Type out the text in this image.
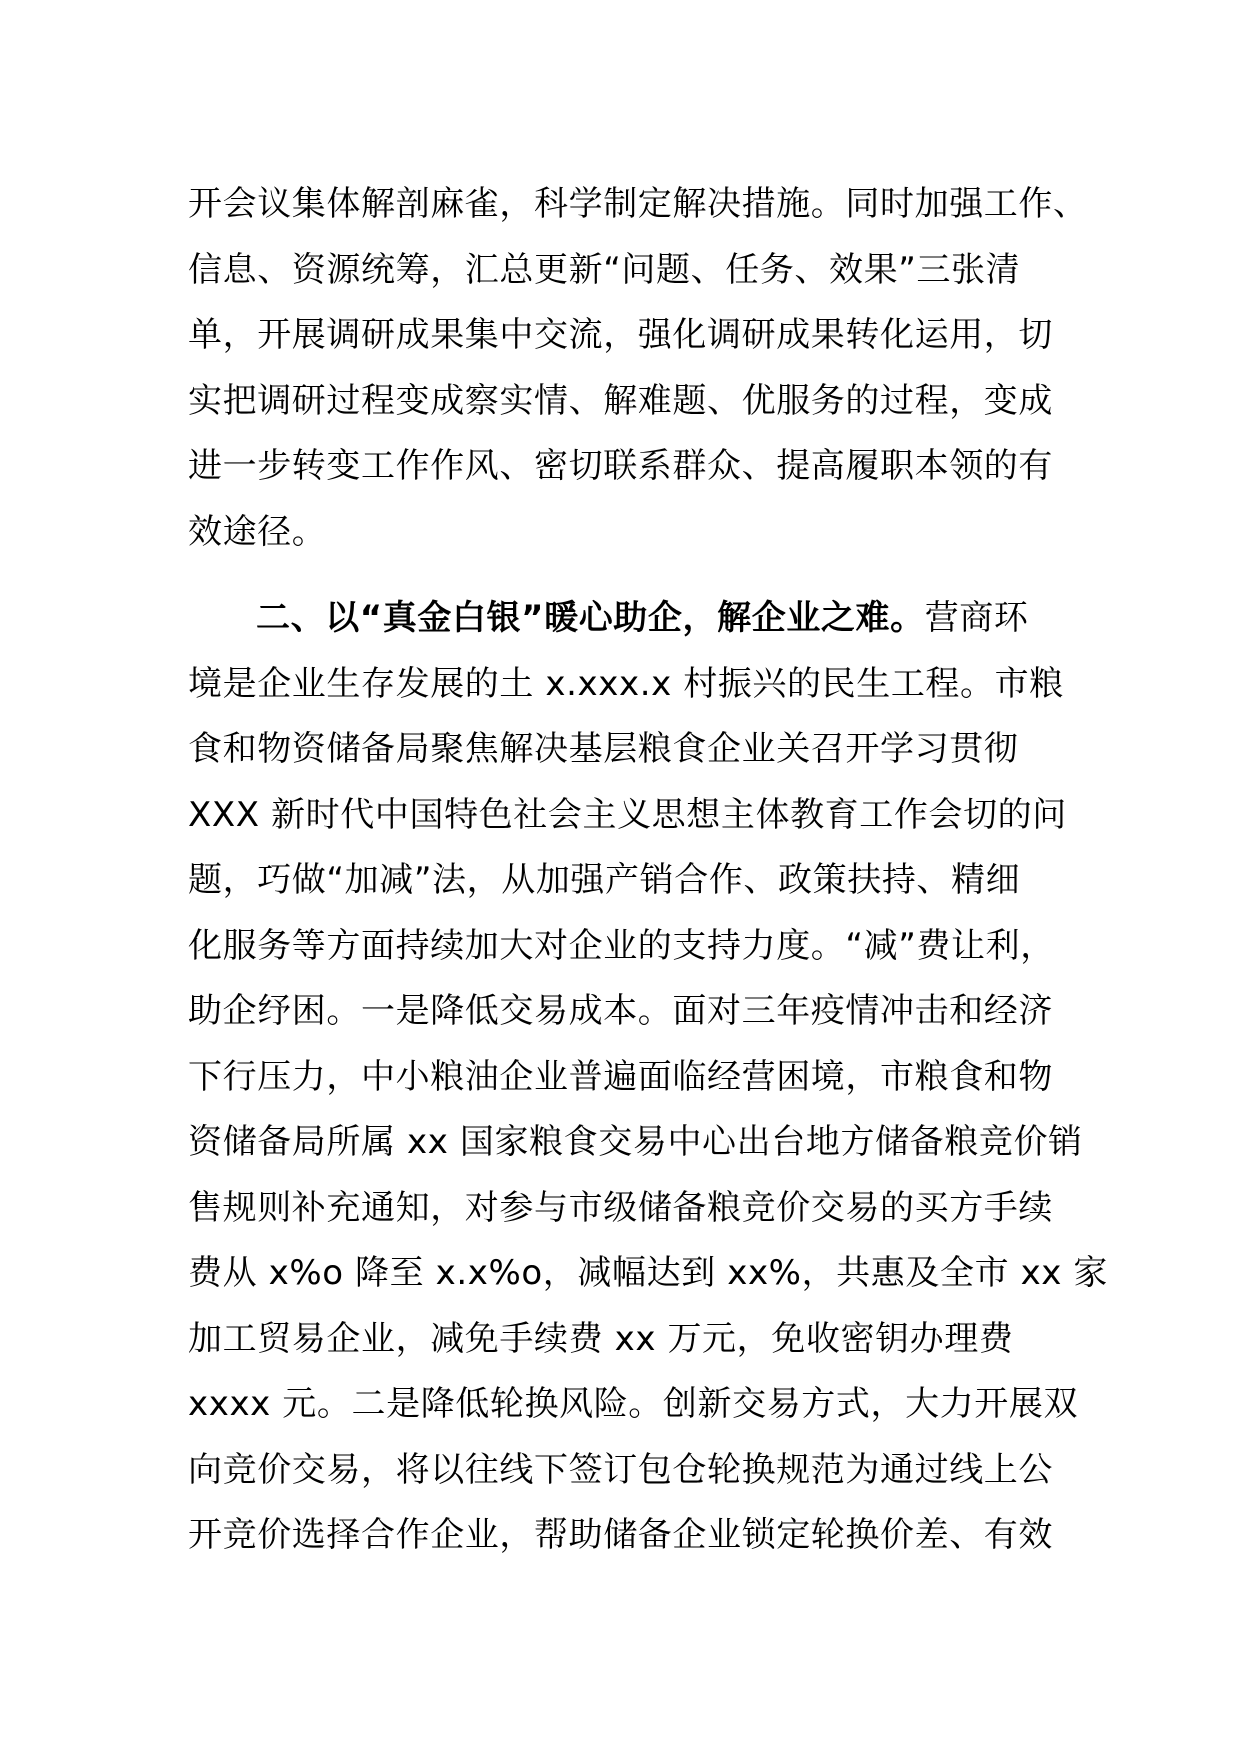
开会议集体解剖麻雀，科学制定解决措施。同时加强工作、
信息、资源统筹，汇总更新“问题、任务、效果”三张清
单，开展调研成果集中交流，强化调研成果转化运用，切
实把调研过程变成察实情、解难题、优服务的过程，变成
进一步转变工作作风、密切联系群众、提高履职本领的有
效途径。
二、以“真金白银”暖心助企，解企业之难。营商环
境是企业生存发展的土 x.xxx.x 村振兴的民生工程。市粮
食和物资储备局聚焦解决基层粮食企业关召开学习贯彻
XXX 新时代中国特色社会主义思想主体教育工作会切的问
题，巧做“加减”法，从加强产销合作、政策扶持、精细
化服务等方面持续加大对企业的支持力度。“减”费让利，
助企纾困。一是降低交易成本。面对三年疫情冲击和经济
下行压力，中小粮油企业普遍面临经营困境，市粮食和物
资储备局所属 xx 国家粮食交易中心出台地方储备粮竞价销
售规则补充通知，对参与市级储备粮竞价交易的买方手续
费从 x%o 降至 x.x%o，减幅达到 xx%，共惠及全市 xx 家
加工贸易企业，减免手续费 xx 万元，免收密钥办理费
xxxx 元。二是降低轮换风险。创新交易方式，大力开展双
向竞价交易，将以往线下签订包仓轮换规范为通过线上公
开竞价选择合作企业，帮助储备企业锁定轮换价差、有效
